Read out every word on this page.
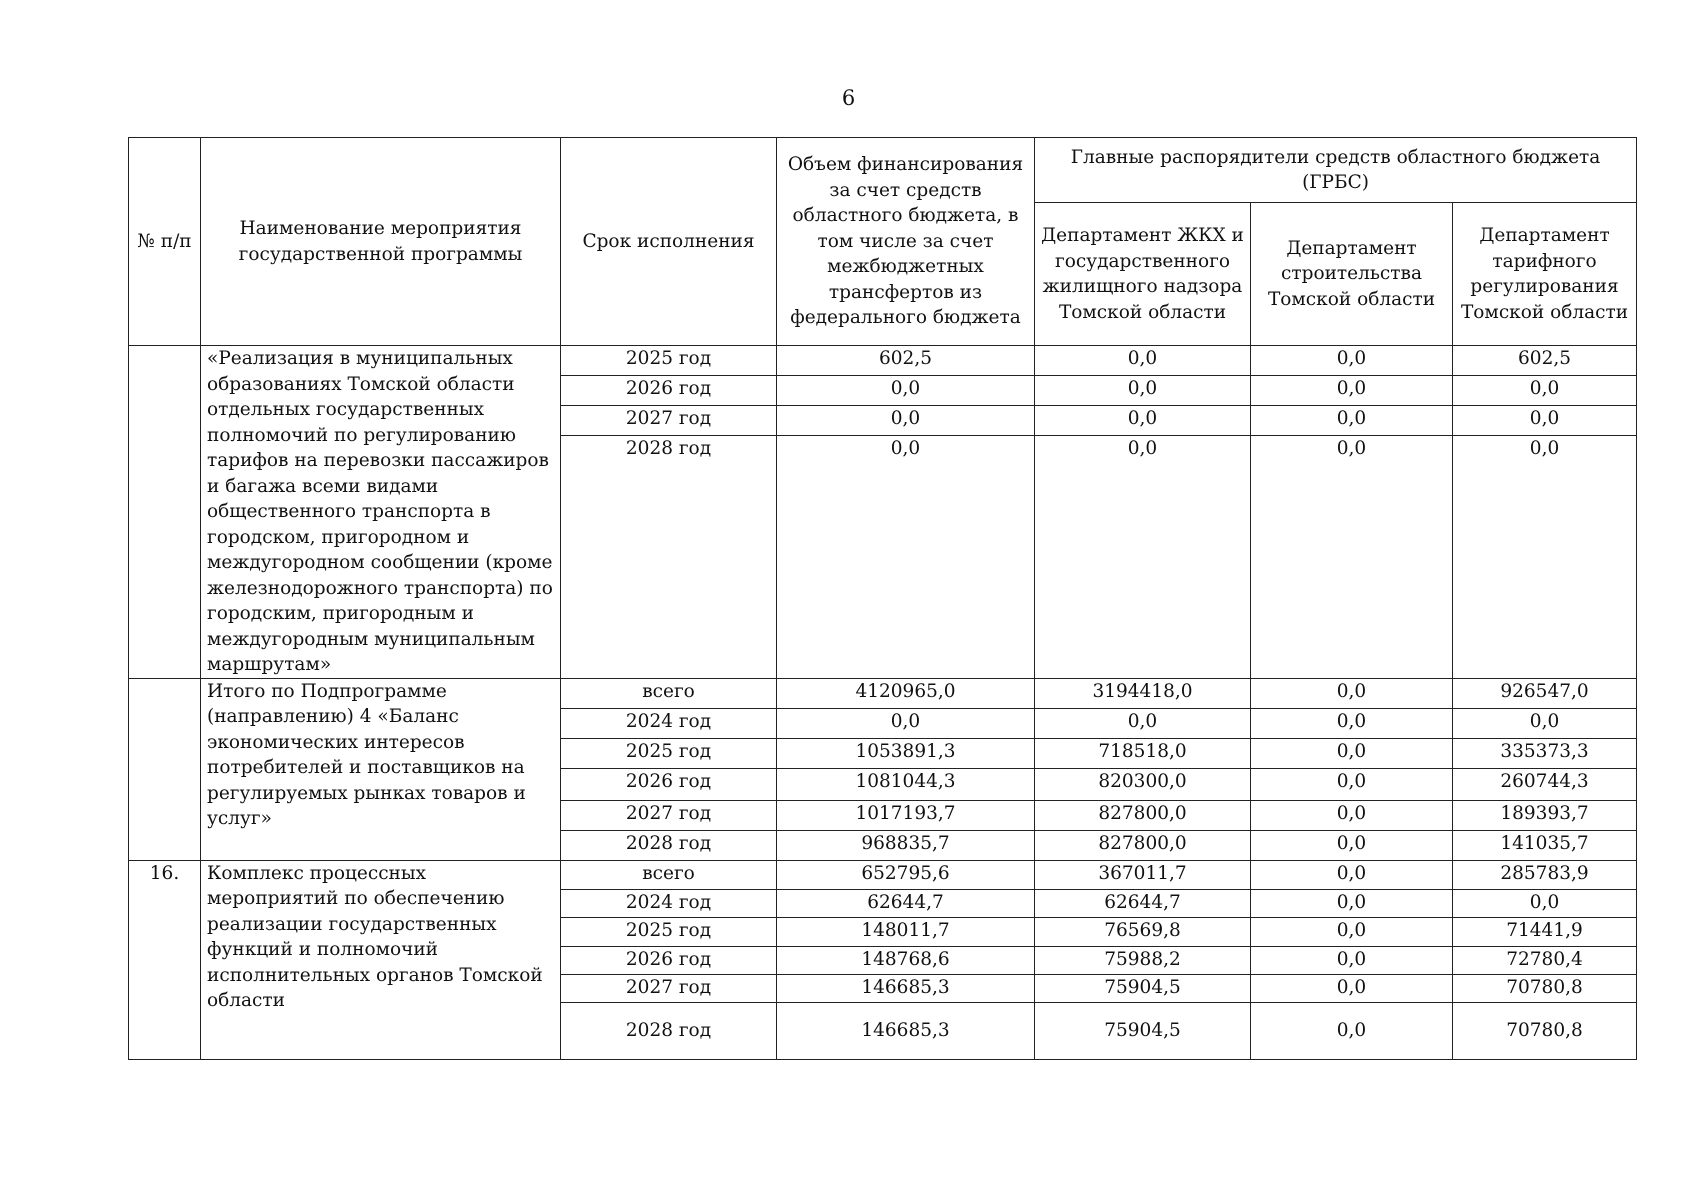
6
№ п/п	Наименование мероприятия государственной программы	Срок исполнения	Объем финансирования за счет средств областного бюджета, в том числе за счет межбюджетных трансфертов из федерального бюджета	Главные распорядители средств областного бюджета (ГРБС)		
				Департамент ЖКХ и государственного жилищного надзора Томской области	Департамент строительства Томской области	Департамент тарифного регулирования Томской области
	«Реализация в муниципальных образованиях Томской области отдельных государственных полномочий по регулированию тарифов на перевозки пассажиров и багажа всеми видами общественного транспорта в городском, пригородном и междугородном сообщении (кроме железнодорожного транспорта) по городским, пригородным и междугородным муниципальным маршрутам»	2025 год	602,5	0,0	0,0	602,5
		2026 год	0,0	0,0	0,0	0,0
		2027 год	0,0	0,0	0,0	0,0
		2028 год	0,0	0,0	0,0	0,0
	Итого по Подпрограмме (направлению) 4 «Баланс экономических интересов потребителей и поставщиков на регулируемых рынках товаров и услуг»	всего	4120965,0	3194418,0	0,0	926547,0
		2024 год	0,0	0,0	0,0	0,0
		2025 год	1053891,3	718518,0	0,0	335373,3
		2026 год	1081044,3	820300,0	0,0	260744,3
		2027 год	1017193,7	827800,0	0,0	189393,7
		2028 год	968835,7	827800,0	0,0	141035,7
16.	Комплекс процессных мероприятий по обеспечению реализации государственных функций и полномочий исполнительных органов Томской области	всего	652795,6	367011,7	0,0	285783,9
		2024 год	62644,7	62644,7	0,0	0,0
		2025 год	148011,7	76569,8	0,0	71441,9
		2026 год	148768,6	75988,2	0,0	72780,4
		2027 год	146685,3	75904,5	0,0	70780,8
		2028 год	146685,3	75904,5	0,0	70780,8
